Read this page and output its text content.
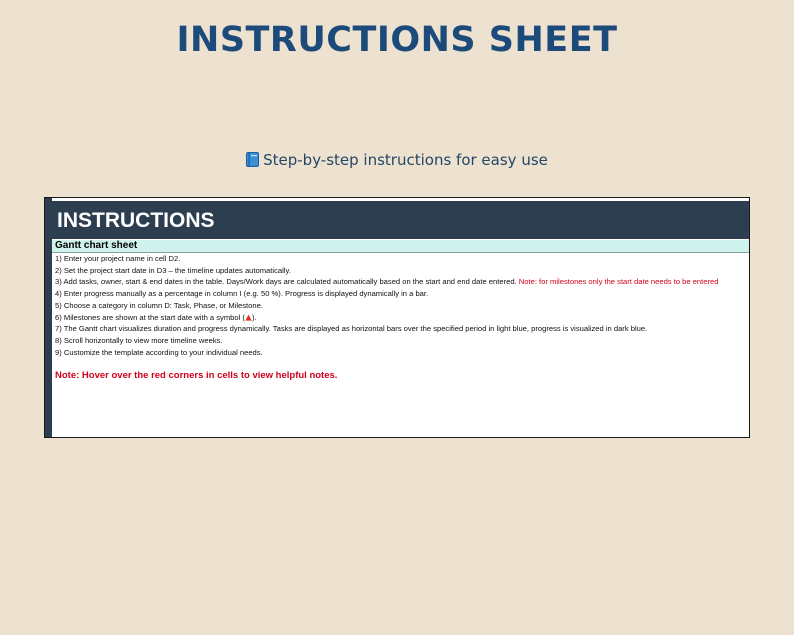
INSTRUCTIONS SHEET
Step-by-step instructions for easy use
INSTRUCTIONS
Gantt chart sheet
1) Enter your project name in cell D2.
2) Set the project start date in D3 – the timeline updates automatically.
3) Add tasks, owner, start & end dates in the table. Days/Work days are calculated automatically based on the start and end date entered. Note: for milestones only the start date needs to be entered
4) Enter progress manually as a percentage in column I (e.g. 50 %). Progress is displayed dynamically in a bar.
5) Choose a category in column D: Task, Phase, or Milestone.
6) Milestones are shown at the start date with a symbol ( ).
7) The Gantt chart visualizes duration and progress dynamically. Tasks are displayed as horizontal bars over the specified period in light blue, progress is visualized in dark blue.
8) Scroll horizontally to view more timeline weeks.
9) Customize the template according to your individual needs.
Note: Hover over the red corners in cells to view helpful notes.
